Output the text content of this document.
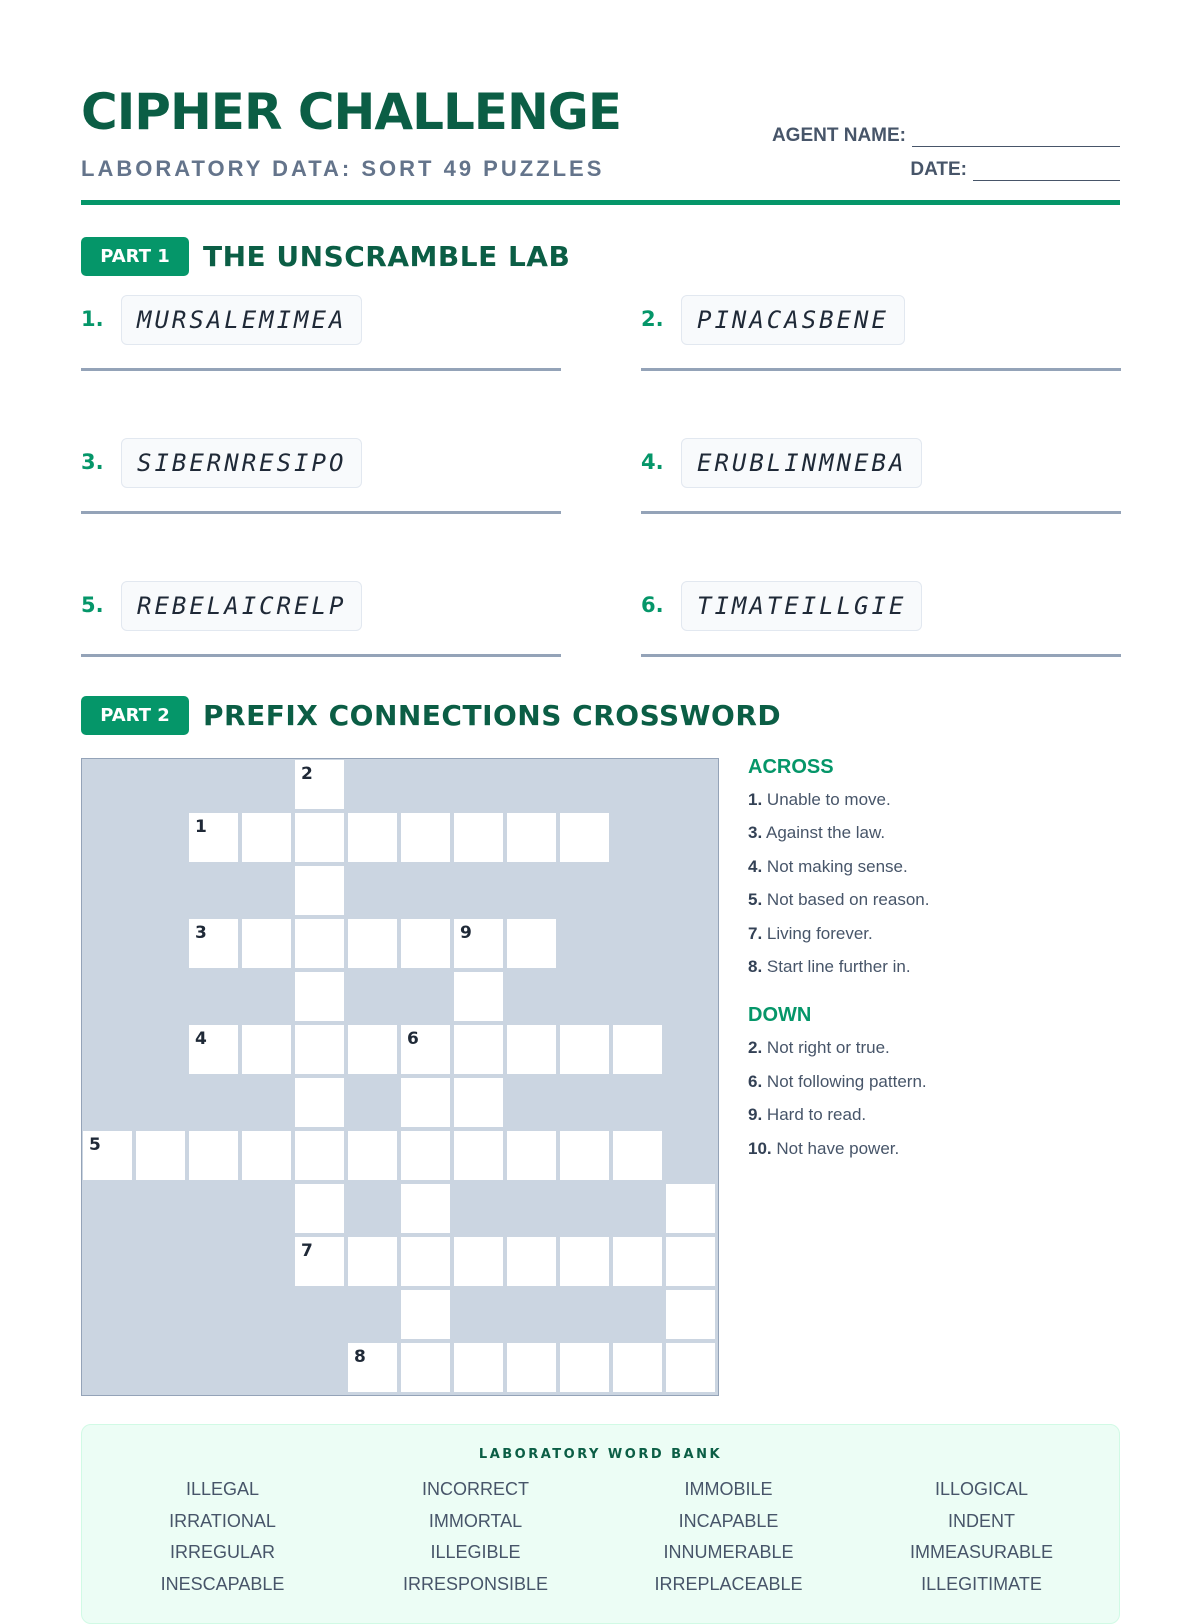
CIPHER CHALLENGE
LABORATORY DATA: SORT 49 PUZZLES
AGENT NAME:
DATE:
PART 1	THE UNSCRAMBLE LAB
1.	MURSALEMIMEA	2.	PINACASBENE
3.	SIBERNRESIPO	4.	ERUBLINMNEBA
5.	REBELAICRELP	6.	TIMATEILLGIE
PART 2	PREFIX CONNECTIONS CROSSWORD
2
1
3	9
4	6
5
7
8
ACROSS
1. Unable to move.
3. Against the law.
4. Not making sense.
5. Not based on reason.
7. Living forever.
8. Start line further in.
DOWN
2. Not right or true.
6. Not following pattern.
9. Hard to read.
10. Not have power.
LABORATORY WORD BANK
ILLEGAL	INCORRECT	IMMOBILE	ILLOGICAL
IRRATIONAL	IMMORTAL	INCAPABLE	INDENT
IRREGULAR	ILLEGIBLE	INNUMERABLE	IMMEASURABLE
INESCAPABLE	IRRESPONSIBLE	IRREPLACEABLE	ILLEGITIMATE
